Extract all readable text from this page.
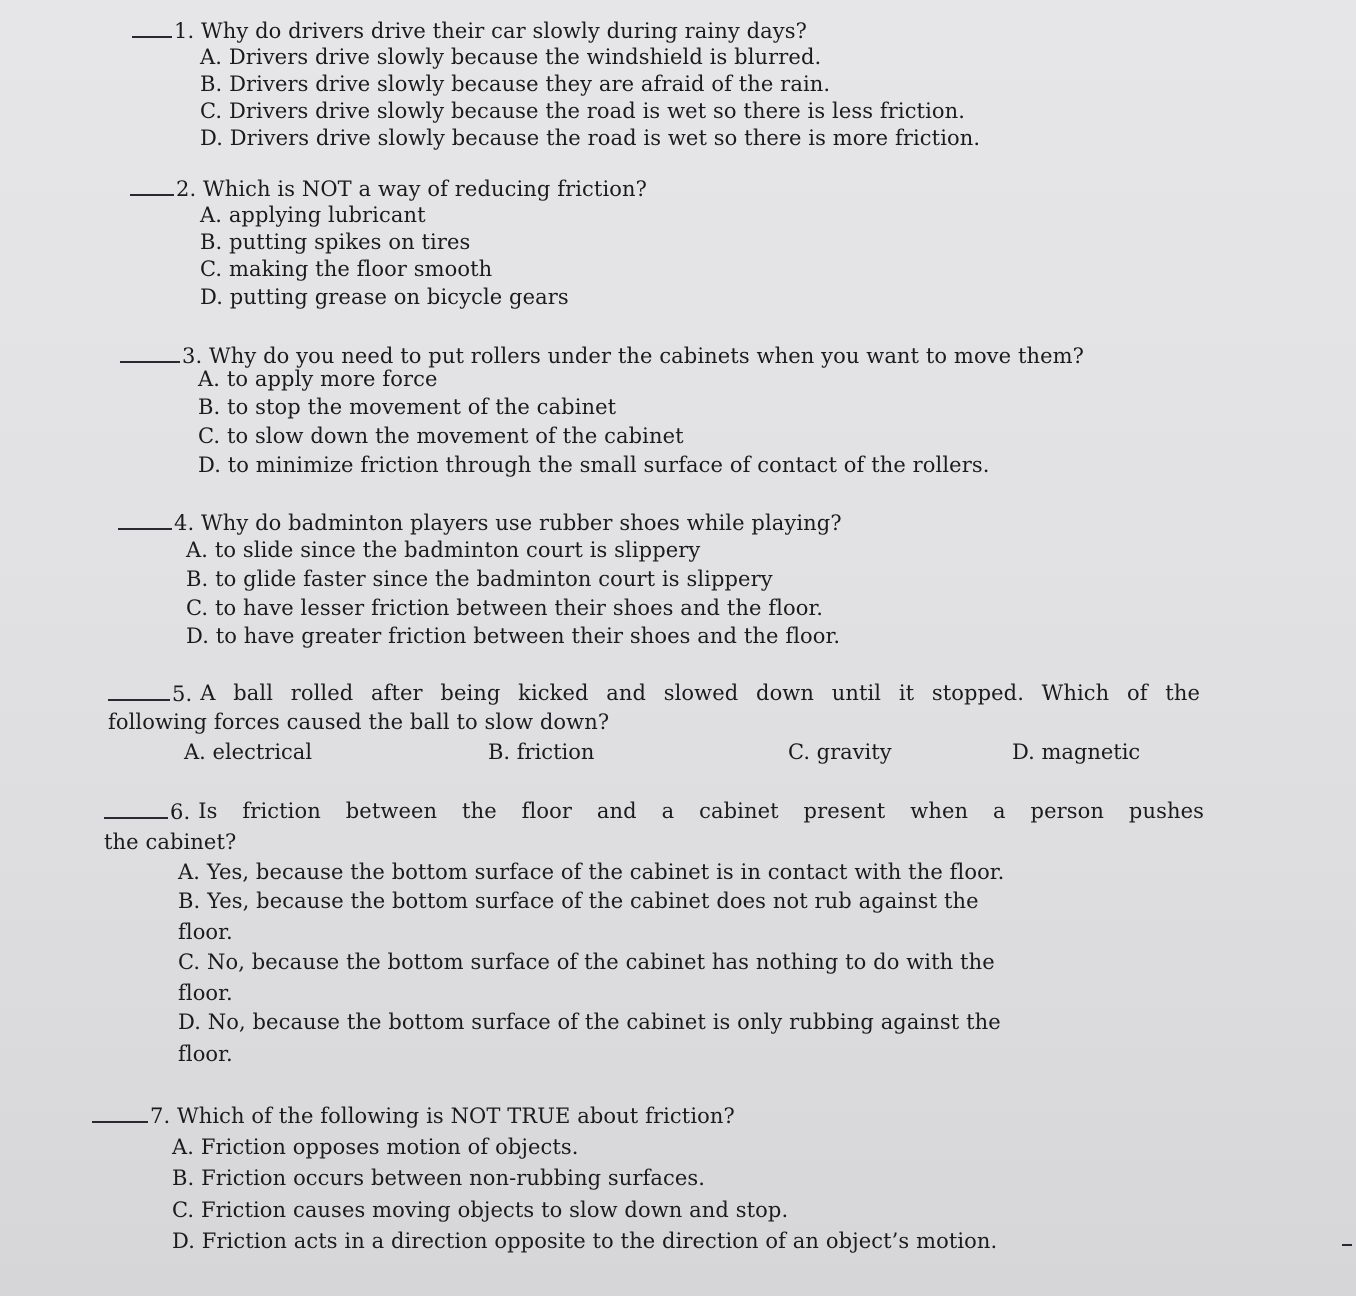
1. Why do drivers drive their car slowly during rainy days?
A. Drivers drive slowly because the windshield is blurred.
B. Drivers drive slowly because they are afraid of the rain.
C. Drivers drive slowly because the road is wet so there is less friction.
D. Drivers drive slowly because the road is wet so there is more friction.
2. Which is NOT a way of reducing friction?
A. applying lubricant
B. putting spikes on tires
C. making the floor smooth
D. putting grease on bicycle gears
3. Why do you need to put rollers under the cabinets when you want to move them?
A. to apply more force
B. to stop the movement of the cabinet
C. to slow down the movement of the cabinet
D. to minimize friction through the small surface of contact of the rollers.
4. Why do badminton players use rubber shoes while playing?
A. to slide since the badminton court is slippery
B. to glide faster since the badminton court is slippery
C. to have lesser friction between their shoes and the floor.
D. to have greater friction between their shoes and the floor.
5. A ball rolled after being kicked and slowed down until it stopped. Which of the
following forces caused the ball to slow down?
A. electrical	B. friction	C. gravity	D. magnetic
6. Is friction between the floor and a cabinet present when a person pushes
the cabinet?
A. Yes, because the bottom surface of the cabinet is in contact with the floor.
B. Yes, because the bottom surface of the cabinet does not rub against the
floor.
C. No, because the bottom surface of the cabinet has nothing to do with the
floor.
D. No, because the bottom surface of the cabinet is only rubbing against the
floor.
7. Which of the following is NOT TRUE about friction?
A. Friction opposes motion of objects.
B. Friction occurs between non-rubbing surfaces.
C. Friction causes moving objects to slow down and stop.
D. Friction acts in a direction opposite to the direction of an object’s motion.
